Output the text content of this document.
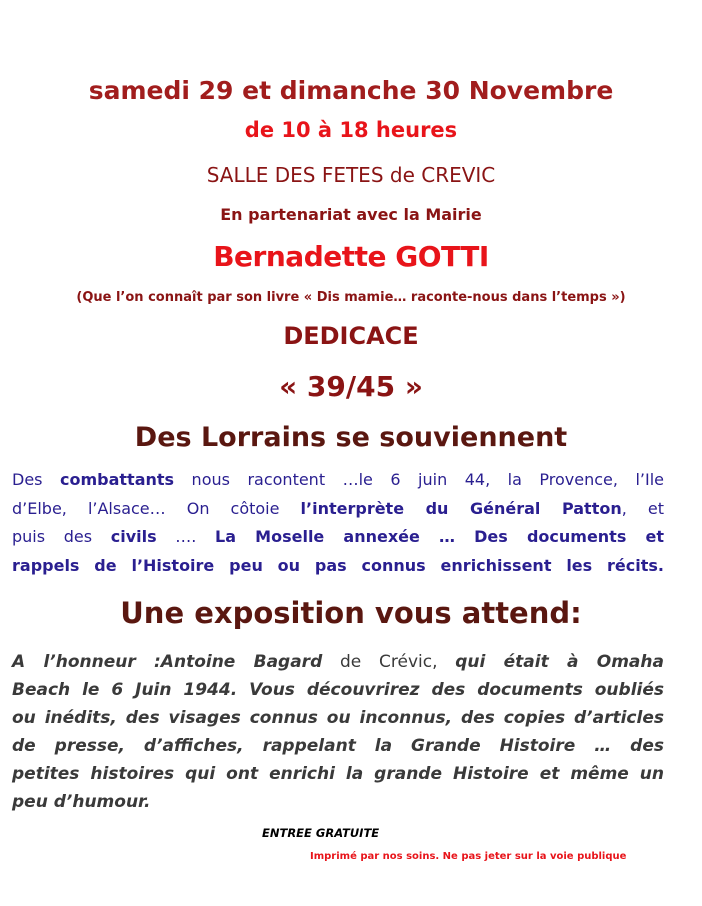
samedi 29 et dimanche 30 Novembre
de 10 à 18 heures
SALLE DES FETES de CREVIC
En partenariat avec la Mairie
Bernadette GOTTI
(Que l’on connaît par son livre « Dis mamie… raconte-nous dans l’temps »)
DEDICACE
« 39/45 »
Des Lorrains se souviennent
Des combattants nous racontent …le 6 juin 44, la Provence, l’Ile
d’Elbe, l’Alsace… On côtoie l’interprète du Général Patton, et
puis des civils …. La Moselle annexée … Des documents et
rappels de l’Histoire peu ou pas connus enrichissent les récits.
Une exposition vous attend:
A l’honneur :Antoine Bagard de Crévic, qui était à Omaha
Beach le 6 Juin 1944. Vous découvrirez des documents oubliés
ou inédits, des visages connus ou inconnus, des copies d’articles
de presse, d’affiches, rappelant la Grande Histoire … des
petites histoires qui ont enrichi la grande Histoire et même un
peu d’humour.
ENTREE GRATUITE
Imprimé par nos soins. Ne pas jeter sur la voie publique
